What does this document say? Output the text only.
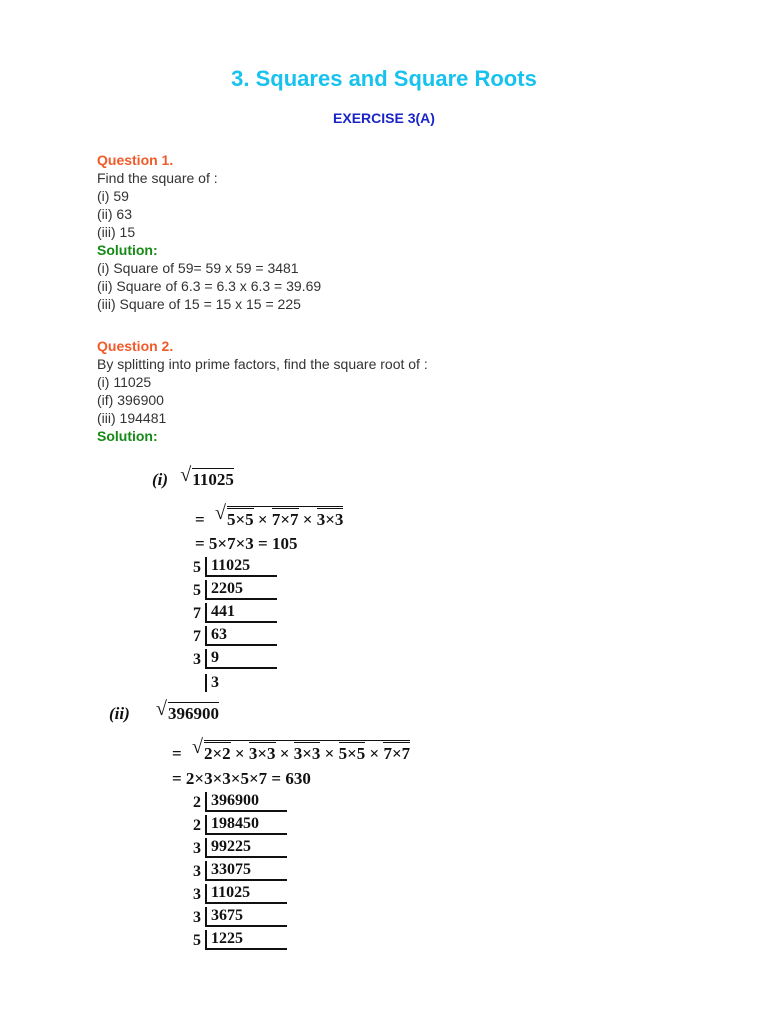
3. Squares and Square Roots
EXERCISE 3(A)
Question 1.
Find the square of :
(i) 59
(ii) 63
(iii) 15
Solution:
(i) Square of 59= 59 x 59 = 3481
(ii) Square of 6.3 = 6.3 x 6.3 = 39.69
(iii) Square of 15 = 15 x 15 = 225
Question 2.
By splitting into prime factors, find the square root of :
(i) 11025
(if) 396900
(iii) 194481
Solution:
(i) √ 11025
= √ 5×5 × 7×7 × 3×3
= 5×7×3 = 105
5 11025
5 2205
7 441
7 63
3 9
3
(ii) √ 396900
= √ 2×2 × 3×3 × 3×3 × 5×5 × 7×7
= 2×3×3×5×7 = 630
2 396900
2 198450
3 99225
3 33075
3 11025
3 3675
5 1225
